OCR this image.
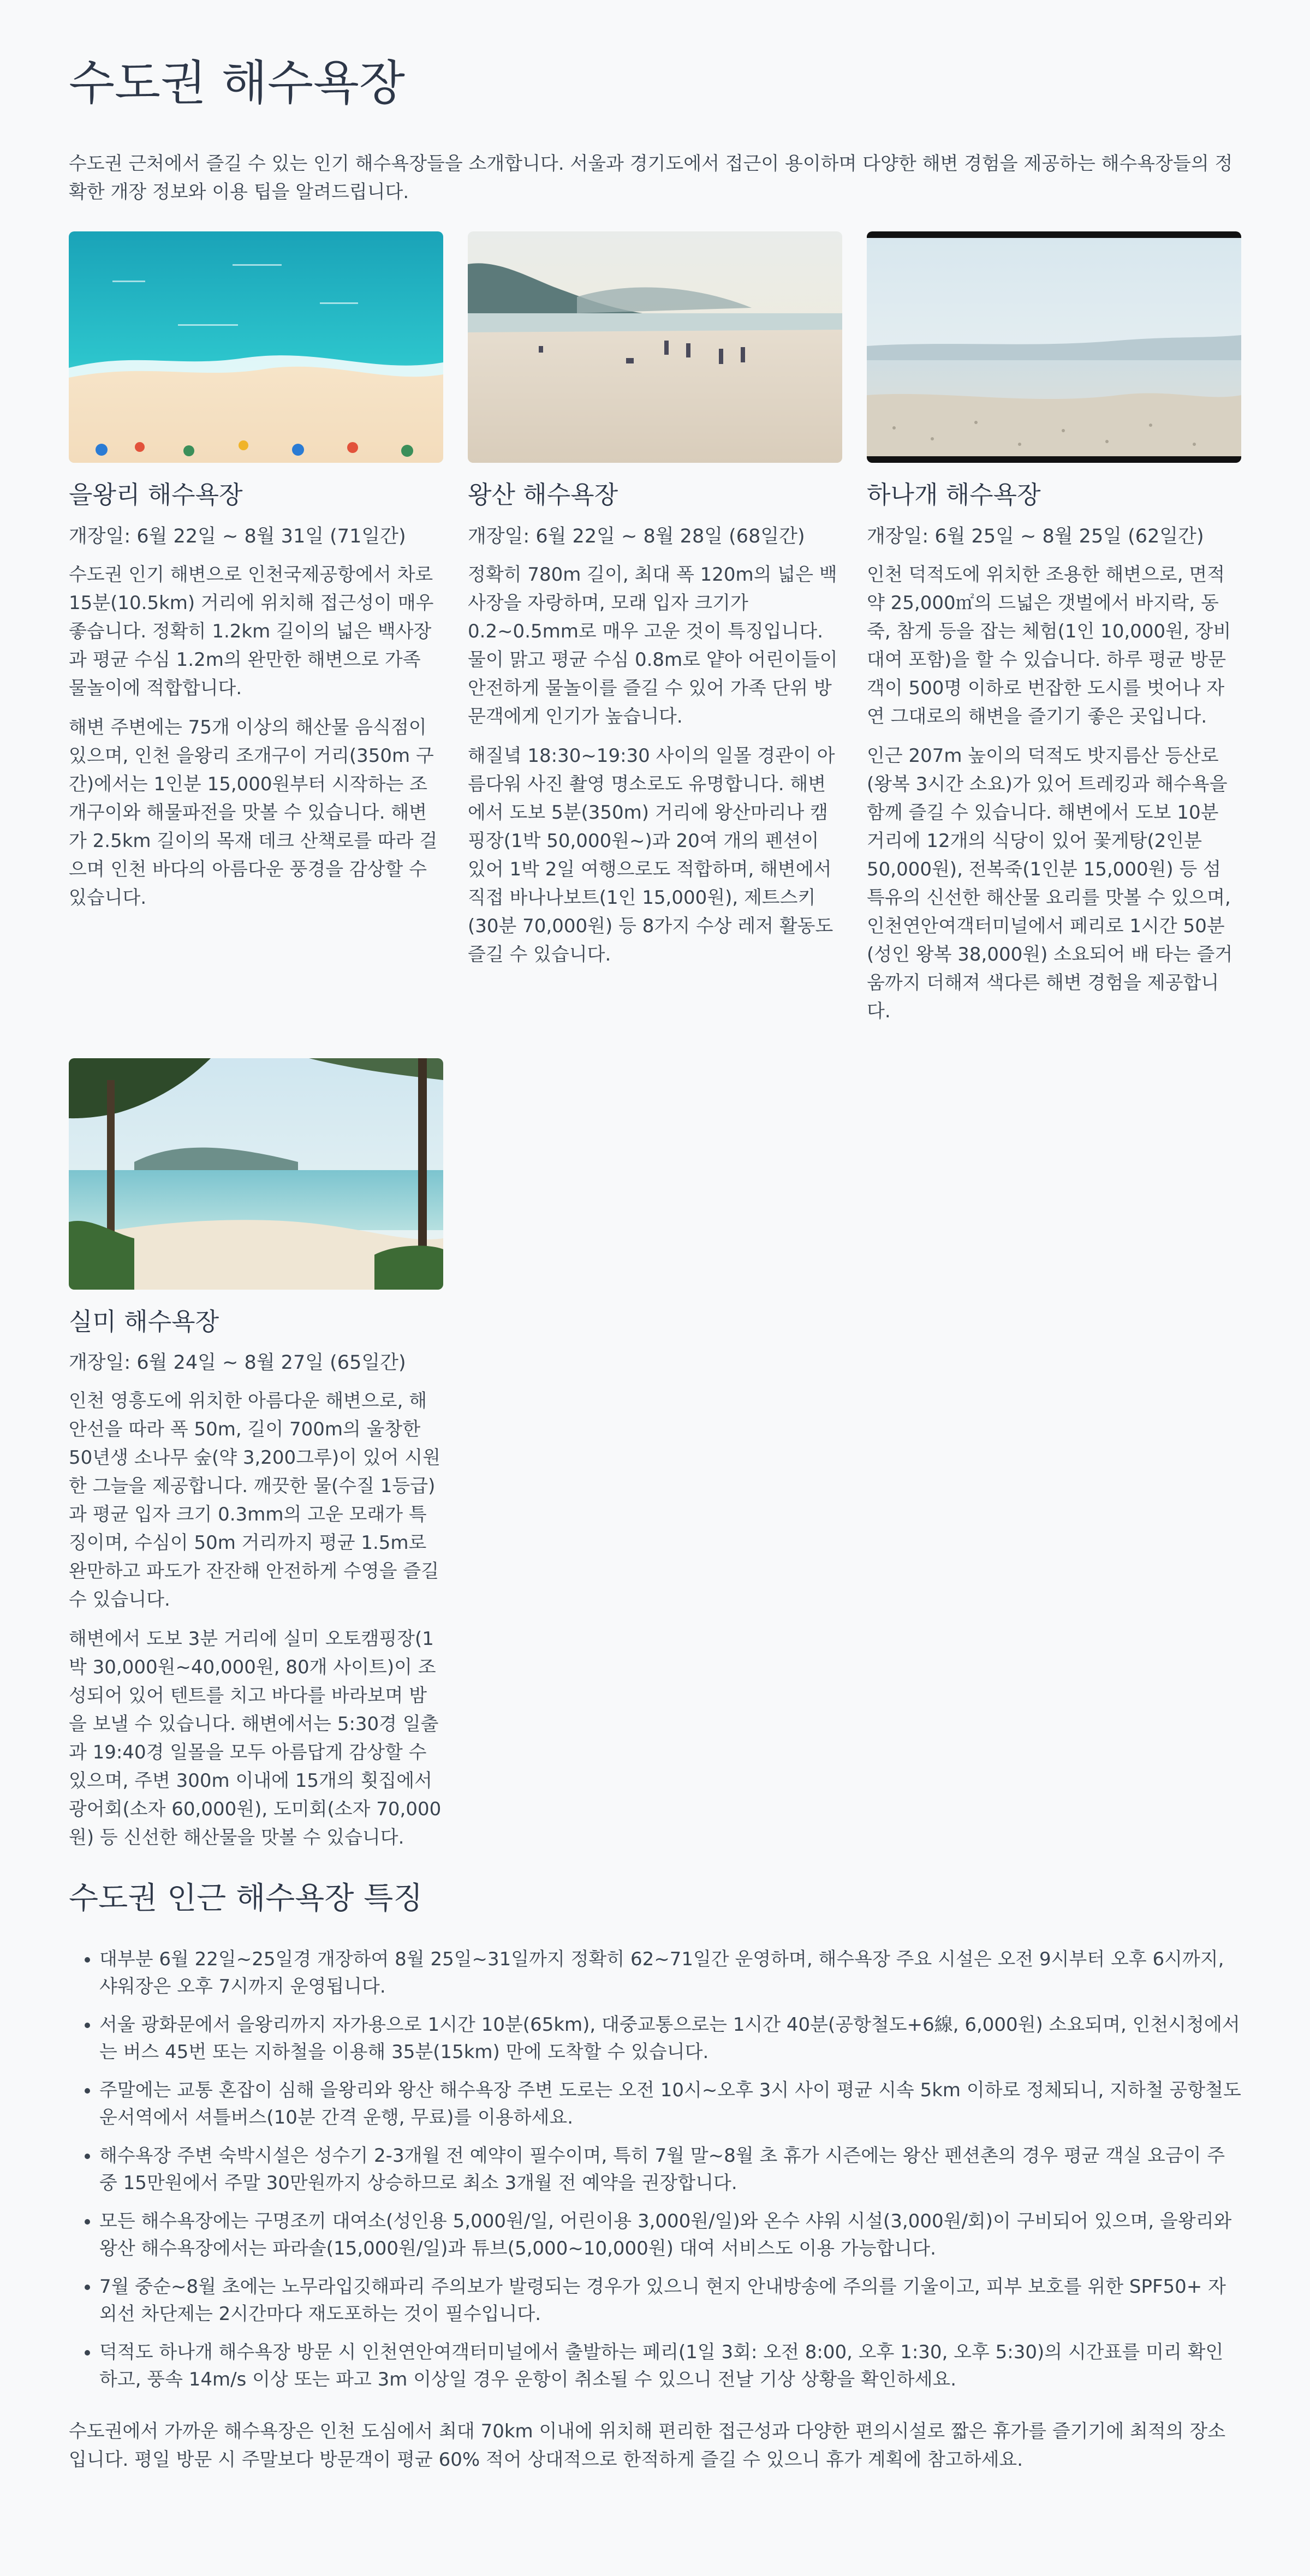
수도권 해수욕장

수도권 근처에서 즐길 수 있는 인기 해수욕장들을 소개합니다. 서울과 경기도에서 접근이 용이하며 다양한 해변 경험을 제공하는 해수욕장들의 정확한 개장 정보와 이용 팁을 알려드립니다.

을왕리 해수욕장

개장일: 6월 22일 ~ 8월 31일 (71일간)

수도권 인기 해변으로 인천국제공항에서 차로 15분(10.5km) 거리에 위치해 접근성이 매우 좋습니다. 정확히 1.2km 길이의 넓은 백사장과 평균 수심 1.2m의 완만한 해변으로 가족 물놀이에 적합합니다.

해변 주변에는 75개 이상의 해산물 음식점이 있으며, 인천 을왕리 조개구이 거리(350m 구간)에서는 1인분 15,000원부터 시작하는 조개구이와 해물파전을 맛볼 수 있습니다. 해변가 2.5km 길이의 목재 데크 산책로를 따라 걸으며 인천 바다의 아름다운 풍경을 감상할 수 있습니다.

왕산 해수욕장

개장일: 6월 22일 ~ 8월 28일 (68일간)

정확히 780m 길이, 최대 폭 120m의 넓은 백사장을 자랑하며, 모래 입자 크기가 0.2~0.5mm로 매우 고운 것이 특징입니다. 물이 맑고 평균 수심 0.8m로 얕아 어린이들이 안전하게 물놀이를 즐길 수 있어 가족 단위 방문객에게 인기가 높습니다.

해질녘 18:30~19:30 사이의 일몰 경관이 아름다워 사진 촬영 명소로도 유명합니다. 해변에서 도보 5분(350m) 거리에 왕산마리나 캠핑장(1박 50,000원~)과 20여 개의 펜션이 있어 1박 2일 여행으로도 적합하며, 해변에서 직접 바나나보트(1인 15,000원), 제트스키(30분 70,000원) 등 8가지 수상 레저 활동도 즐길 수 있습니다.

하나개 해수욕장

개장일: 6월 25일 ~ 8월 25일 (62일간)

인천 덕적도에 위치한 조용한 해변으로, 면적 약 25,000㎡의 드넓은 갯벌에서 바지락, 동죽, 참게 등을 잡는 체험(1인 10,000원, 장비 대여 포함)을 할 수 있습니다. 하루 평균 방문객이 500명 이하로 번잡한 도시를 벗어나 자연 그대로의 해변을 즐기기 좋은 곳입니다.

인근 207m 높이의 덕적도 밧지름산 등산로(왕복 3시간 소요)가 있어 트레킹과 해수욕을 함께 즐길 수 있습니다. 해변에서 도보 10분 거리에 12개의 식당이 있어 꽃게탕(2인분 50,000원), 전복죽(1인분 15,000원) 등 섬 특유의 신선한 해산물 요리를 맛볼 수 있으며, 인천연안여객터미널에서 페리로 1시간 50분(성인 왕복 38,000원) 소요되어 배 타는 즐거움까지 더해져 색다른 해변 경험을 제공합니다.

실미 해수욕장

개장일: 6월 24일 ~ 8월 27일 (65일간)

인천 영흥도에 위치한 아름다운 해변으로, 해안선을 따라 폭 50m, 길이 700m의 울창한 50년생 소나무 숲(약 3,200그루)이 있어 시원한 그늘을 제공합니다. 깨끗한 물(수질 1등급)과 평균 입자 크기 0.3mm의 고운 모래가 특징이며, 수심이 50m 거리까지 평균 1.5m로 완만하고 파도가 잔잔해 안전하게 수영을 즐길 수 있습니다.

해변에서 도보 3분 거리에 실미 오토캠핑장(1박 30,000원~40,000원, 80개 사이트)이 조성되어 있어 텐트를 치고 바다를 바라보며 밤을 보낼 수 있습니다. 해변에서는 5:30경 일출과 19:40경 일몰을 모두 아름답게 감상할 수 있으며, 주변 300m 이내에 15개의 횟집에서 광어회(소자 60,000원), 도미회(소자 70,000원) 등 신선한 해산물을 맛볼 수 있습니다.

수도권 인근 해수욕장 특징
• 대부분 6월 22일~25일경 개장하여 8월 25일~31일까지 정확히 62~71일간 운영하며, 해수욕장 주요 시설은 오전 9시부터 오후 6시까지, 샤워장은 오후 7시까지 운영됩니다.
• 서울 광화문에서 을왕리까지 자가용으로 1시간 10분(65km), 대중교통으로는 1시간 40분(공항철도+6線, 6,000원) 소요되며, 인천시청에서는 버스 45번 또는 지하철을 이용해 35분(15km) 만에 도착할 수 있습니다.
• 주말에는 교통 혼잡이 심해 을왕리와 왕산 해수욕장 주변 도로는 오전 10시~오후 3시 사이 평균 시속 5km 이하로 정체되니, 지하철 공항철도 운서역에서 셔틀버스(10분 간격 운행, 무료)를 이용하세요.
• 해수욕장 주변 숙박시설은 성수기 2-3개월 전 예약이 필수이며, 특히 7월 말~8월 초 휴가 시즌에는 왕산 펜션촌의 경우 평균 객실 요금이 주중 15만원에서 주말 30만원까지 상승하므로 최소 3개월 전 예약을 권장합니다.
• 모든 해수욕장에는 구명조끼 대여소(성인용 5,000원/일, 어린이용 3,000원/일)와 온수 샤워 시설(3,000원/회)이 구비되어 있으며, 을왕리와 왕산 해수욕장에서는 파라솔(15,000원/일)과 튜브(5,000~10,000원) 대여 서비스도 이용 가능합니다.
• 7월 중순~8월 초에는 노무라입깃해파리 주의보가 발령되는 경우가 있으니 현지 안내방송에 주의를 기울이고, 피부 보호를 위한 SPF50+ 자외선 차단제는 2시간마다 재도포하는 것이 필수입니다.
• 덕적도 하나개 해수욕장 방문 시 인천연안여객터미널에서 출발하는 페리(1일 3회: 오전 8:00, 오후 1:30, 오후 5:30)의 시간표를 미리 확인하고, 풍속 14m/s 이상 또는 파고 3m 이상일 경우 운항이 취소될 수 있으니 전날 기상 상황을 확인하세요.

수도권에서 가까운 해수욕장은 인천 도심에서 최대 70km 이내에 위치해 편리한 접근성과 다양한 편의시설로 짧은 휴가를 즐기기에 최적의 장소입니다. 평일 방문 시 주말보다 방문객이 평균 60% 적어 상대적으로 한적하게 즐길 수 있으니 휴가 계획에 참고하세요.
